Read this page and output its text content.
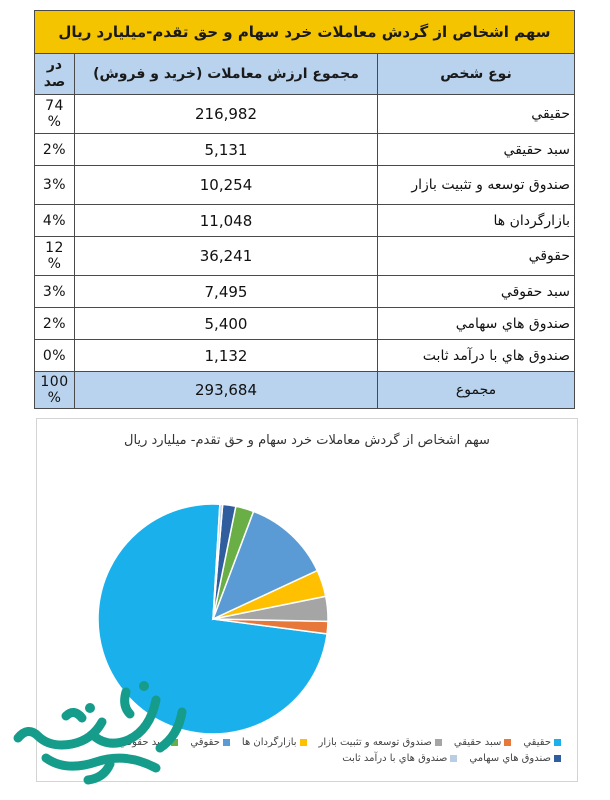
سهم اشخاص از گردش معاملات خرد سهام و حق تقدم-میلیارد ریال		
در صد	مجموع ارزش معاملات (خرید و فروش)	نوع شخص
74 %	216,982	حقيقي
2%	5,131	سبد حقيقي
3%	10,254	صندوق توسعه و تثبيت بازار
4%	11,048	بازارگردان ها
12 %	36,241	حقوقي
3%	7,495	سبد حقوقي
2%	5,400	صندوق هاي سهامي
0%	1,132	صندوق هاي با درآمد ثابت
100 %	293,684	مجموع
سهم اشخاص از گردش معاملات خرد سهام و حق تقدم- میلیارد ریال
حقيقيسبد حقيقيصندوق توسعه و تثبيت بازاربازارگردان هاحقوقيسبد حقوقيصندوق هاي سهاميصندوق هاي با درآمد ثابت
